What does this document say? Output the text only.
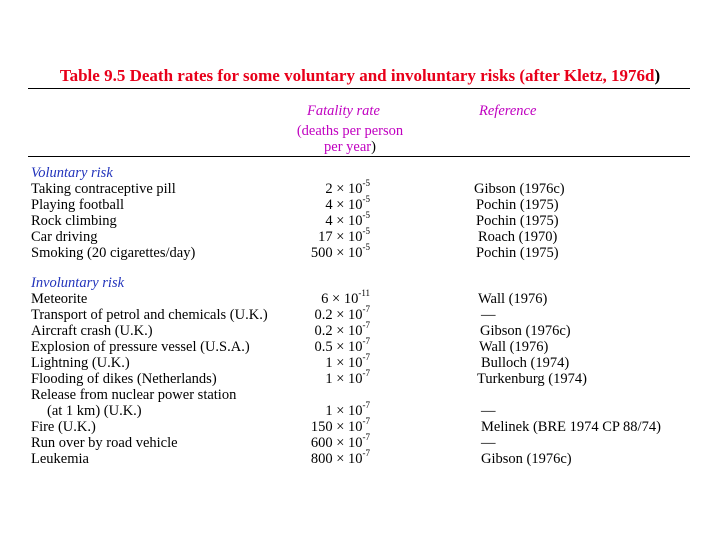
Table 9.5 Death rates for some voluntary and involuntary risks (after Kletz, 1976d)
Fatality rate	Reference
(deaths per person
per year)
Voluntary risk
Taking contraceptive pill	$2 \times 10^{-5}$	Gibson (1976c)
Playing football	$4 \times 10^{-5}$	Pochin (1975)
Rock climbing	$4 \times 10^{-5}$	Pochin (1975)
Car driving	$17 \times 10^{-5}$	Roach (1970)
Smoking (20 cigarettes/day)	$500 \times 10^{-5}$	Pochin (1975)
Involuntary risk
Meteorite	$6 \times 10^{-11}$	Wall (1976)
Transport of petrol and chemicals (U.K.)	$0.2 \times 10^{-7}$	—
Aircraft crash (U.K.)	$0.2 \times 10^{-7}$	Gibson (1976c)
Explosion of pressure vessel (U.S.A.)	$0.5 \times 10^{-7}$	Wall (1976)
Lightning (U.K.)	$1 \times 10^{-7}$	Bulloch (1974)
Flooding of dikes (Netherlands)	$1 \times 10^{-7}$	Turkenburg (1974)
Release from nuclear power station
(at 1 km) (U.K.)	$1 \times 10^{-7}$	—
Fire (U.K.)	$150 \times 10^{-7}$	Melinek (BRE 1974 CP 88/74)
Run over by road vehicle	$600 \times 10^{-7}$	—
Leukemia	$800 \times 10^{-7}$	Gibson (1976c)
